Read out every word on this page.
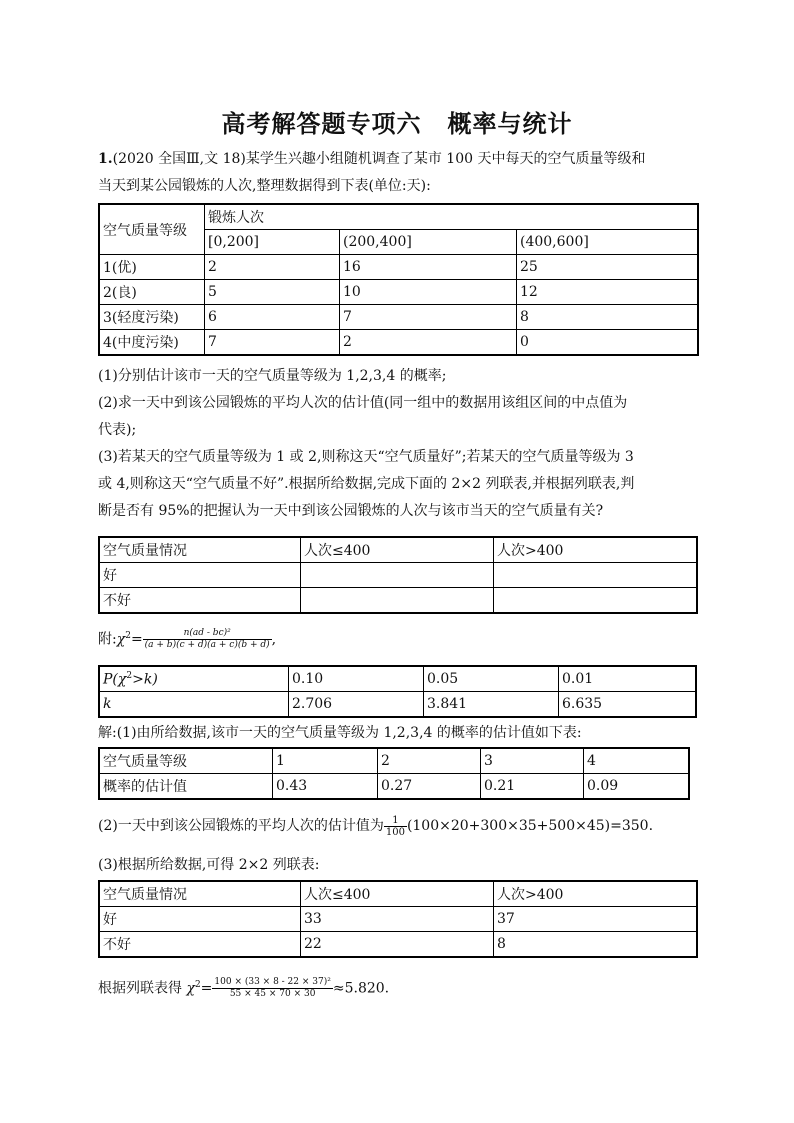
高考解答题专项六 概率与统计
1.(2020 全国Ⅲ,文 18)某学生兴趣小组随机调查了某市 100 天中每天的空气质量等级和
当天到某公园锻炼的人次,整理数据得到下表(单位:天):
空气质量等级	锻炼人次		
	[0,200]	(200,400]	(400,600]
1(优)	2	16	25
2(良)	5	10	12
3(轻度污染)	6	7	8
4(中度污染)	7	2	0
(1)分别估计该市一天的空气质量等级为 1,2,3,4 的概率;
(2)求一天中到该公园锻炼的平均人次的估计值(同一组中的数据用该组区间的中点值为
代表);
(3)若某天的空气质量等级为 1 或 2,则称这天“空气质量好”;若某天的空气质量等级为 3
或 4,则称这天“空气质量不好”.根据所给数据,完成下面的 2×2 列联表,并根据列联表,判
断是否有 95%的把握认为一天中到该公园锻炼的人次与该市当天的空气质量有关?
空气质量情况	人次≤400	人次>400
好		
不好		
附$:\chi^2= \frac{\text{n(ad - bc)²}}{(a + b)(c + d)(a + c)(b + d)}$ ,
$P(\chi^2>k)$	0.10	0.05	0.01
k	2.706	3.841	6.635
解:(1)由所给数据,该市一天的空气质量等级为 1,2,3,4 的概率的估计值如下表:
空气质量等级	1	2	3	4
概率的估计值	0.43	0.27	0.21	0.09
(2)一天中到该公园锻炼的平均人次的估计值为 $\frac{1}{100} (100\times 20+300\times 35+500\times 45)=350$.
(3)根据所给数据,可得 2×2 列联表:
空气质量情况	人次≤400	人次>400
好	33	37
不好	22	8
根据列联表得 $\chi^2= \frac{\text{100 × (33 × 8 - 22 × 37)²}}{55 \times 45 \times 70 \times 30} \approx 5.820$.
